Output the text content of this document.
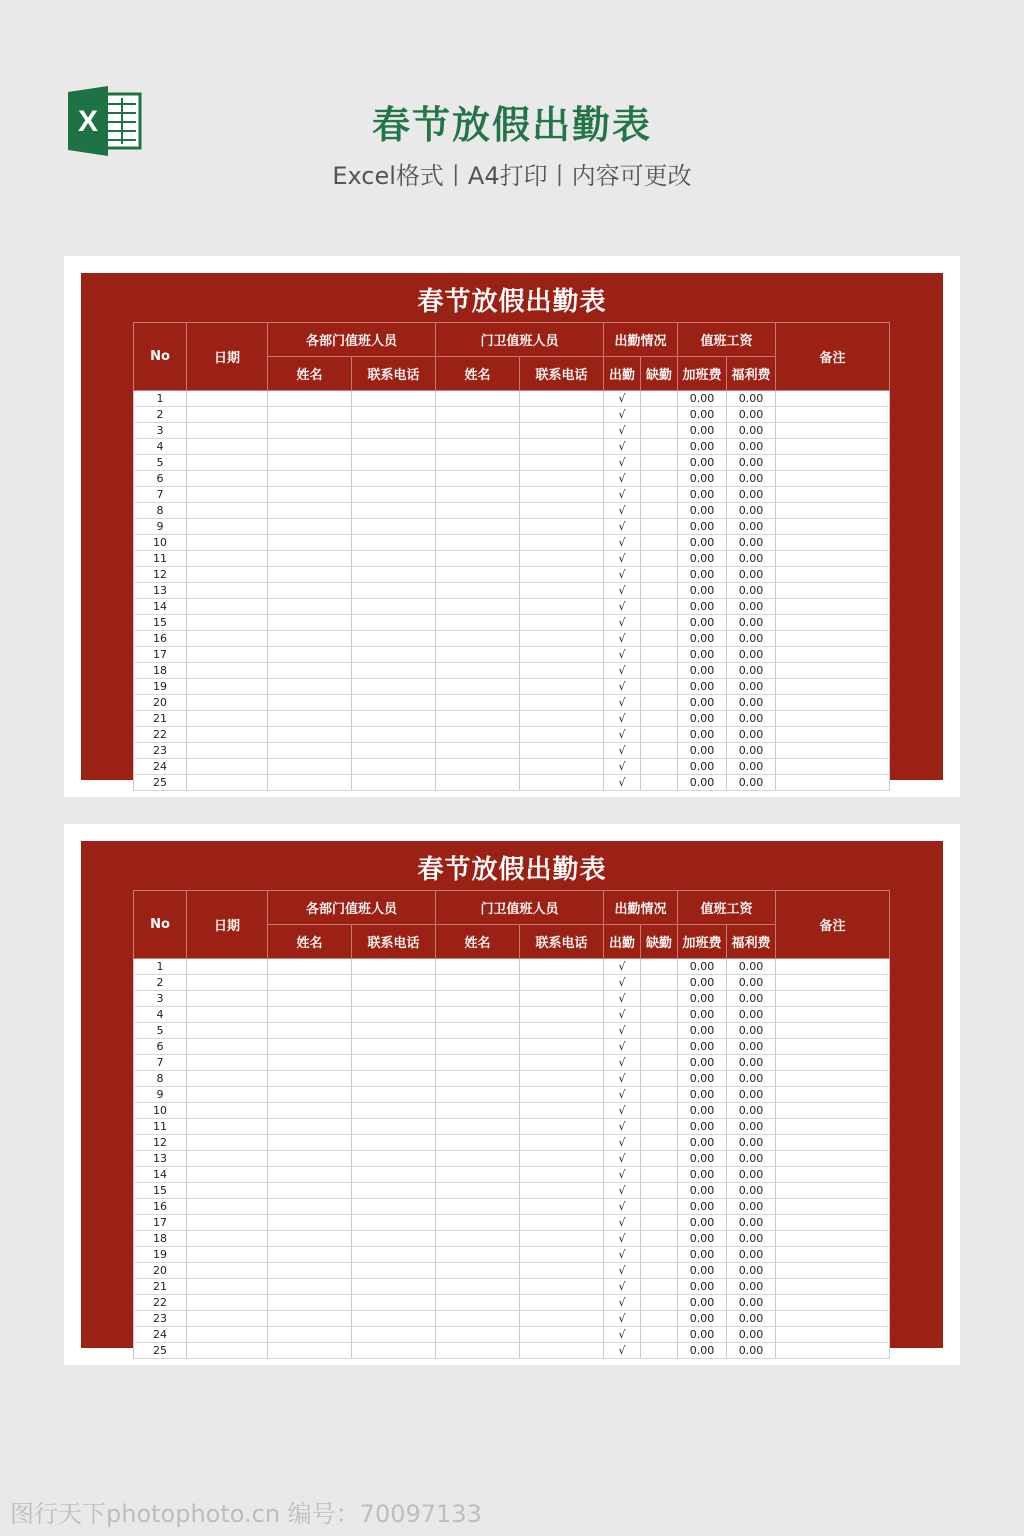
X	春节放假出勤表
Excel格式丨A4打印丨内容可更改
春节放假出勤表
No	日期	各部门值班人员		门卫值班人员		出勤情况		值班工资		备注
		姓名	联系电话	姓名	联系电话	出勤	缺勤	加班费	福利费	
1						√		0.00	0.00	
2						√		0.00	0.00	
3						√		0.00	0.00	
4						√		0.00	0.00	
5						√		0.00	0.00	
6						√		0.00	0.00	
7						√		0.00	0.00	
8						√		0.00	0.00	
9						√		0.00	0.00	
10						√		0.00	0.00	
11						√		0.00	0.00	
12						√		0.00	0.00	
13						√		0.00	0.00	
14						√		0.00	0.00	
15						√		0.00	0.00	
16						√		0.00	0.00	
17						√		0.00	0.00	
18						√		0.00	0.00	
19						√		0.00	0.00	
20						√		0.00	0.00	
21						√		0.00	0.00	
22						√		0.00	0.00	
23						√		0.00	0.00	
24						√		0.00	0.00	
25						√		0.00	0.00	
春节放假出勤表
No	日期	各部门值班人员		门卫值班人员		出勤情况		值班工资		备注
		姓名	联系电话	姓名	联系电话	出勤	缺勤	加班费	福利费	
1						√		0.00	0.00	
2						√		0.00	0.00	
3						√		0.00	0.00	
4						√		0.00	0.00	
5						√		0.00	0.00	
6						√		0.00	0.00	
7						√		0.00	0.00	
8						√		0.00	0.00	
9						√		0.00	0.00	
10						√		0.00	0.00	
11						√		0.00	0.00	
12						√		0.00	0.00	
13						√		0.00	0.00	
14						√		0.00	0.00	
15						√		0.00	0.00	
16						√		0.00	0.00	
17						√		0.00	0.00	
18						√		0.00	0.00	
19						√		0.00	0.00	
20						√		0.00	0.00	
21						√		0.00	0.00	
22						√		0.00	0.00	
23						√		0.00	0.00	
24						√		0.00	0.00	
25						√		0.00	0.00	
图行天下photophoto.cn 编号：70097133
